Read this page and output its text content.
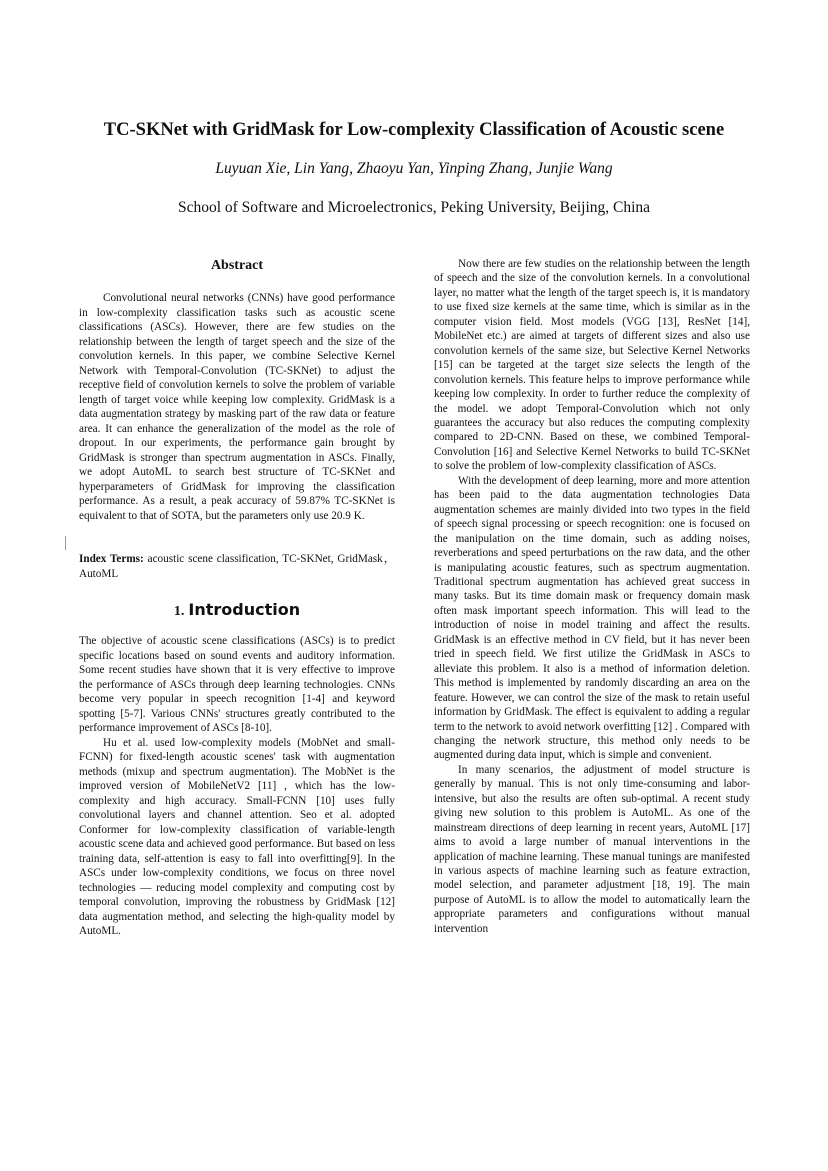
TC-SKNet with GridMask for Low-complexity Classification of Acoustic scene
Luyuan Xie, Lin Yang, Zhaoyu Yan, Yinping Zhang, Junjie Wang
School of Software and Microelectronics, Peking University, Beijing, China
Abstract

Convolutional neural networks (CNNs) have good performance in low-complexity classification tasks such as acoustic scene classifications (ASCs). However, there are few studies on the relationship between the length of target speech and the size of the convolution kernels. In this paper, we combine Selective Kernel Network with Temporal-Convolution (TC-SKNet) to adjust the receptive field of convolution kernels to solve the problem of variable length of target voice while keeping low complexity. GridMask is a data augmentation strategy by masking part of the raw data or feature area. It can enhance the generalization of the model as the role of dropout. In our experiments, the performance gain brought by GridMask is stronger than spectrum augmentation in ASCs. Finally, we adopt AutoML to search best structure of TC-SKNet and hyperparameters of GridMask for improving the classification performance. As a result, a peak accuracy of 59.87% TC-SKNet is equivalent to that of SOTA, but the parameters only use 20.9 K.

Index Terms: acoustic scene classification, TC-SKNet, GridMask，AutoML
1. Introduction

The objective of acoustic scene classifications (ASCs) is to predict specific locations based on sound events and auditory information. Some recent studies have shown that it is very effective to improve the performance of ASCs through deep learning technologies. CNNs become very popular in speech recognition [1-4] and keyword spotting [5-7]. Various CNNs' structures greatly contributed to the performance improvement of ASCs [8-10].

Hu et al. used low-complexity models (MobNet and small-FCNN) for fixed-length acoustic scenes' task with augmentation methods (mixup and spectrum augmentation). The MobNet is the improved version of MobileNetV2 [11] , which has the low-complexity and high accuracy. Small-FCNN [10] uses fully convolutional layers and channel attention. Seo et al. adopted Conformer for low-complexity classification of variable-length acoustic scene data and achieved good performance. But based on less training data, self-attention is easy to fall into overfitting[9]. In the ASCs under low-complexity conditions, we focus on three novel technologies — reducing model complexity and computing cost by temporal convolution, improving the robustness by GridMask [12] data augmentation method, and selecting the high-quality model by AutoML.

Now there are few studies on the relationship between the length of speech and the size of the convolution kernels. In a convolutional layer, no matter what the length of the target speech is, it is mandatory to use fixed size kernels at the same time, which is similar as in the computer vision field. Most models (VGG [13], ResNet [14], MobileNet etc.) are aimed at targets of different sizes and also use convolution kernels of the same size, but Selective Kernel Networks [15] can be targeted at the target size selects the length of the convolution kernels. This feature helps to improve performance while keeping low complexity. In order to further reduce the complexity of the model. we adopt Temporal-Convolution which not only guarantees the accuracy but also reduces the computing complexity compared to 2D-CNN. Based on these, we combined Temporal-Convolution [16] and Selective Kernel Networks to build TC-SKNet to solve the problem of low-complexity classification of ASCs.

With the development of deep learning, more and more attention has been paid to the data augmentation technologies Data augmentation schemes are mainly divided into two types in the field of speech signal processing or speech recognition: one is focused on the manipulation on the time domain, such as adding noises, reverberations and speed perturbations on the raw data, and the other is manipulating acoustic features, such as spectrum augmentation. Traditional spectrum augmentation has achieved great success in many tasks. But its time domain mask or frequency domain mask often mask important speech information. This will lead to the introduction of noise in model training and affect the results. GridMask is an effective method in CV field, but it has never been tried in speech field. We first utilize the GridMask in ASCs to alleviate this problem. It also is a method of information deletion. This method is implemented by randomly discarding an area on the feature. However, we can control the size of the mask to retain useful information by GridMask. The effect is equivalent to adding a regular term to the network to avoid network overfitting [12] . Compared with changing the network structure, this method only needs to be augmented during data input, which is simple and convenient.

In many scenarios, the adjustment of model structure is generally by manual. This is not only time-consuming and labor-intensive, but also the results are often sub-optimal. A recent study giving new solution to this problem is AutoML. As one of the mainstream directions of deep learning in recent years, AutoML [17] aims to avoid a large number of manual interventions in the application of machine learning. These manual tunings are manifested in various aspects of machine learning such as feature extraction, model selection, and parameter adjustment [18, 19]. The main purpose of AutoML is to allow the model to automatically learn the appropriate parameters and configurations without manual intervention
